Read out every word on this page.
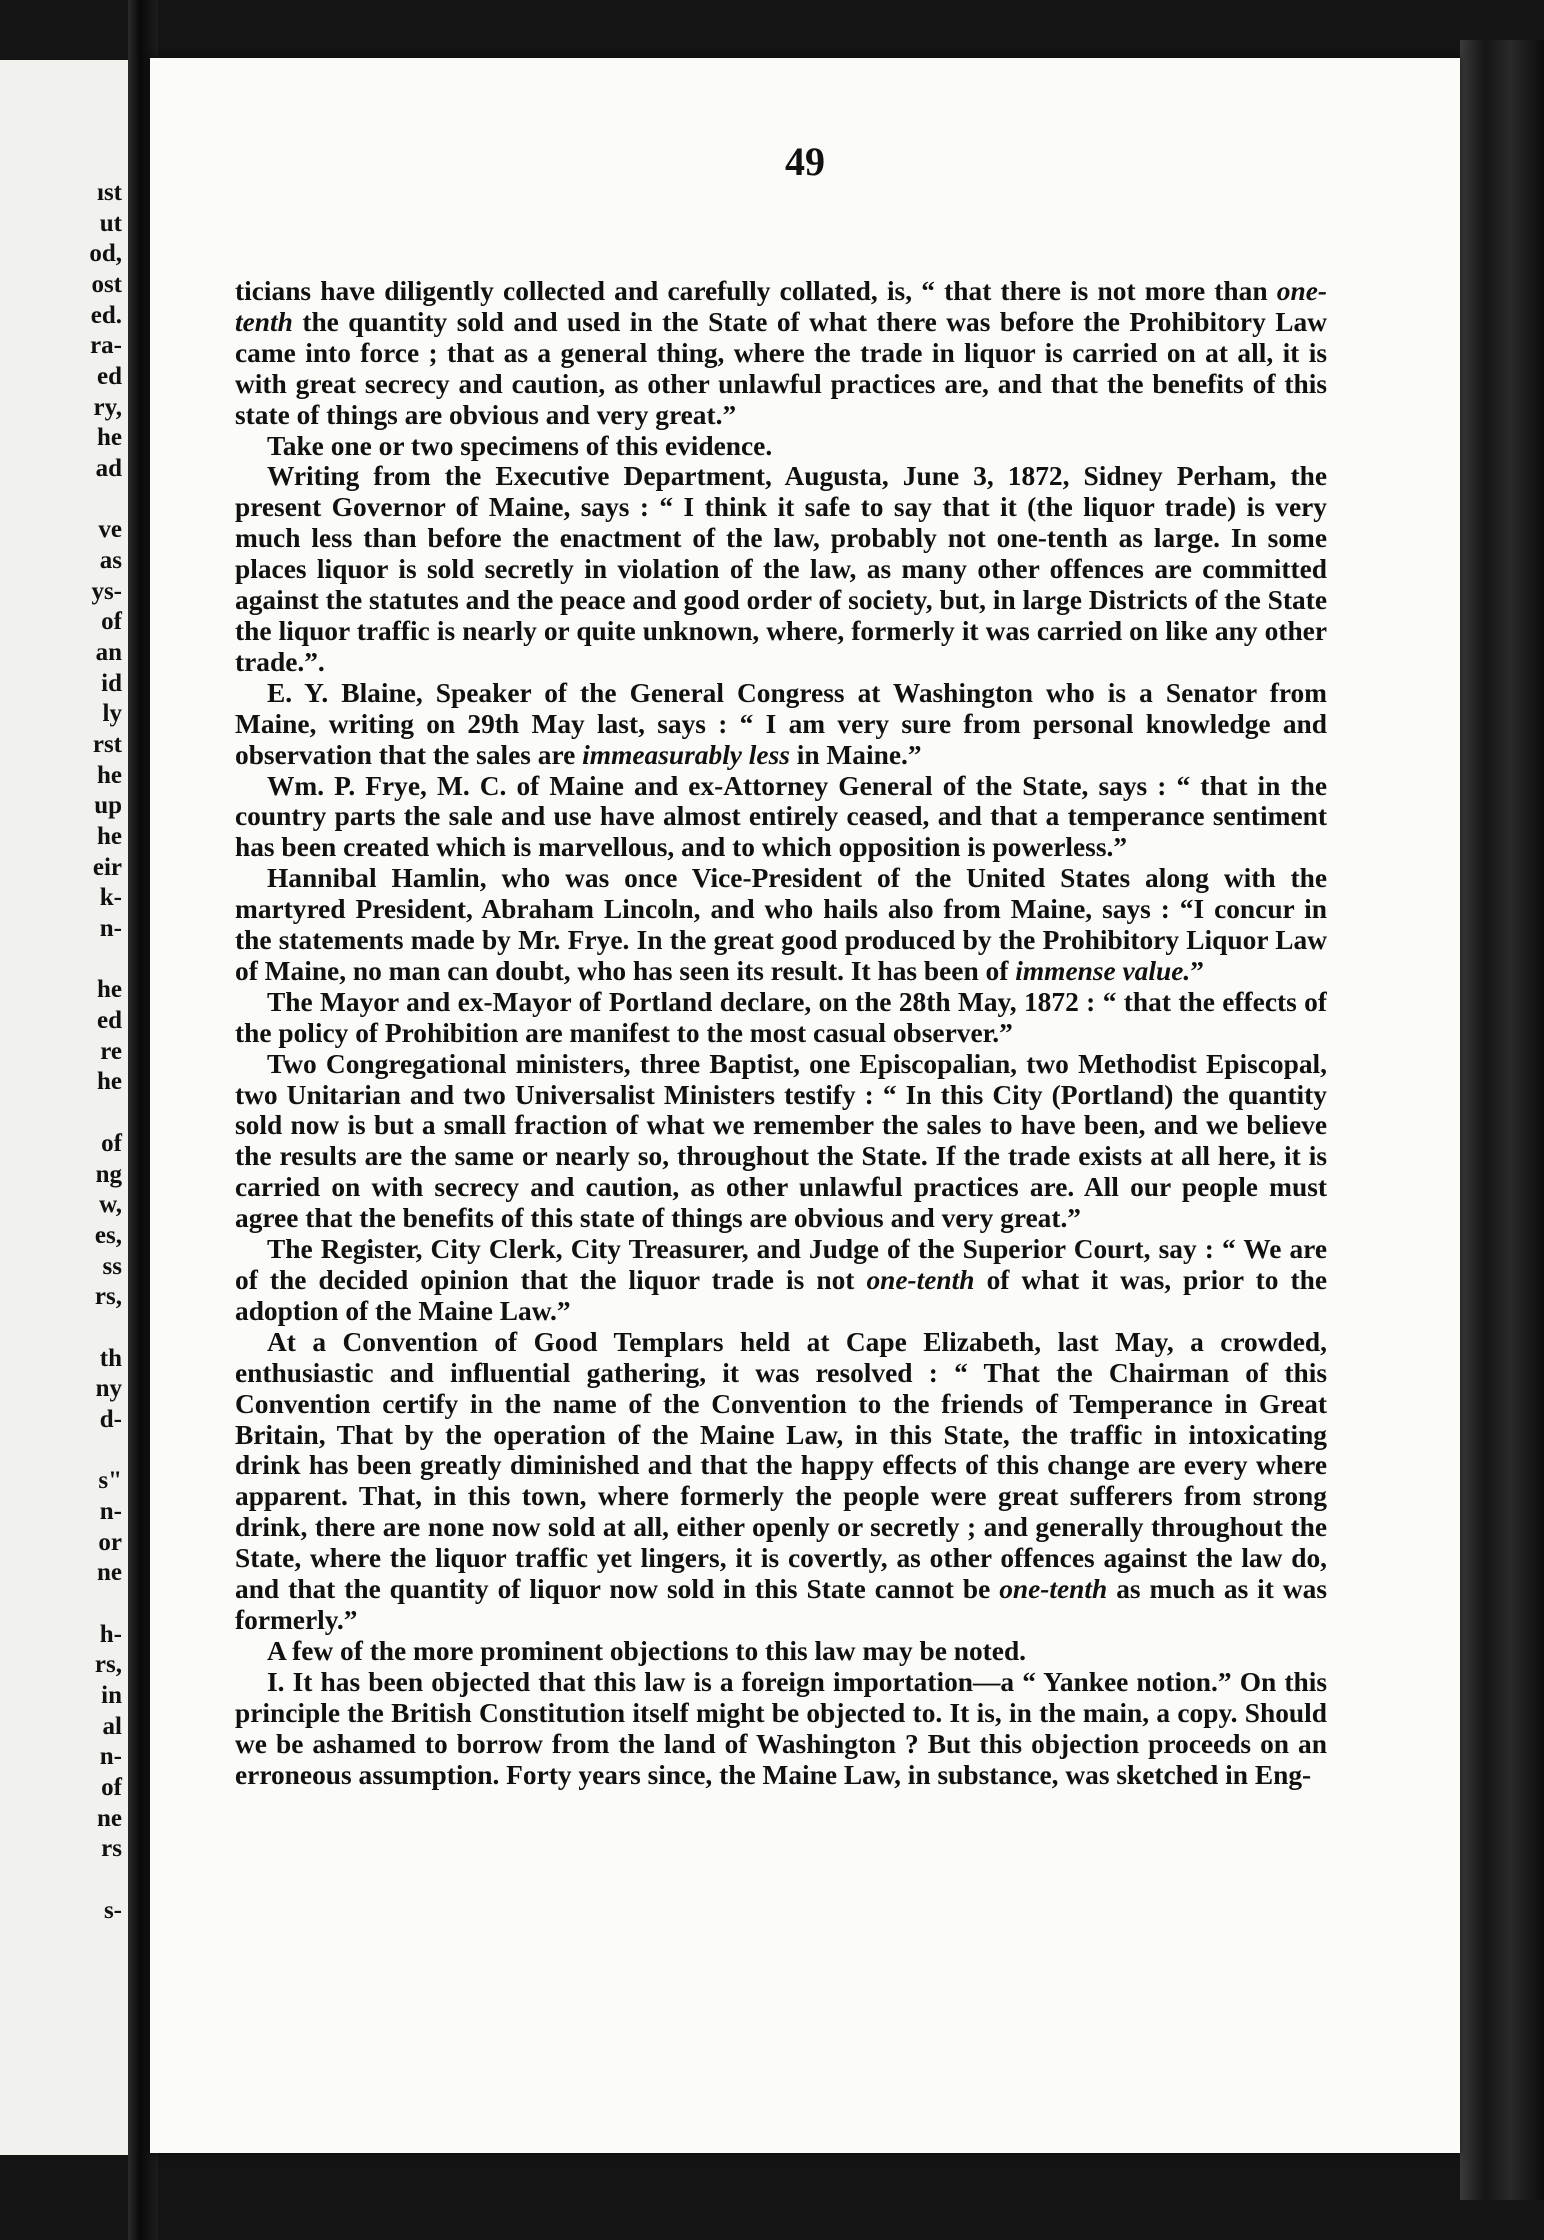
ıst
ut
od,
ost
ed.
ra-
ed
ry,
he
ad
ve
as
ys-
of
an
id
ly
rst
he
up
he
eir
k-
n-
he
ed
re
he
of
ng
w,
es,
ss
rs,
th
ny
d-
s"
n-
or
ne
h-
rs,
in
al
n-
of
ne
rs
s-
49

ticians have diligently collected and carefully collated, is, “ that there is not more than one-tenth the quantity sold and used in the State of what there was before the Prohibitory Law came into force ; that as a general thing, where the trade in liquor is carried on at all, it is with great secrecy and caution, as other unlawful practices are, and that the benefits of this state of things are obvious and very great.”

Take one or two specimens of this evidence.

Writing from the Executive Department, Augusta, June 3, 1872, Sidney Perham, the present Governor of Maine, says : “ I think it safe to say that it (the liquor trade) is very much less than before the enactment of the law, probably not one-tenth as large. In some places liquor is sold secretly in violation of the law, as many other offences are committed against the statutes and the peace and good order of society, but, in large Districts of the State the liquor traffic is nearly or quite unknown, where, formerly it was carried on like any other trade.”.

E. Y. Blaine, Speaker of the General Congress at Washington who is a Senator from Maine, writing on 29th May last, says : “ I am very sure from personal knowledge and observation that the sales are immeasurably less in Maine.”

Wm. P. Frye, M. C. of Maine and ex-Attorney General of the State, says : “ that in the country parts the sale and use have almost entirely ceased, and that a temperance sentiment has been created which is marvellous, and to which opposition is powerless.”

Hannibal Hamlin, who was once Vice-President of the United States along with the martyred President, Abraham Lincoln, and who hails also from Maine, says : “I concur in the statements made by Mr. Frye. In the great good produced by the Prohibitory Liquor Law of Maine, no man can doubt, who has seen its result. It has been of immense value.”

The Mayor and ex-Mayor of Portland declare, on the 28th May, 1872 : “ that the effects of the policy of Prohibition are manifest to the most casual observer.”

Two Congregational ministers, three Baptist, one Episcopalian, two Methodist Episcopal, two Unitarian and two Universalist Ministers testify : “ In this City (Portland) the quantity sold now is but a small fraction of what we remember the sales to have been, and we believe the results are the same or nearly so, throughout the State. If the trade exists at all here, it is carried on with secrecy and caution, as other unlawful practices are. All our people must agree that the benefits of this state of things are obvious and very great.”

The Register, City Clerk, City Treasurer, and Judge of the Superior Court, say : “ We are of the decided opinion that the liquor trade is not one-tenth of what it was, prior to the adoption of the Maine Law.”

At a Convention of Good Templars held at Cape Elizabeth, last May, a crowded, enthusiastic and influential gathering, it was resolved : “ That the Chairman of this Convention certify in the name of the Convention to the friends of Temperance in Great Britain, That by the operation of the Maine Law, in this State, the traffic in intoxicating drink has been greatly diminished and that the happy effects of this change are every where apparent. That, in this town, where formerly the people were great sufferers from strong drink, there are none now sold at all, either openly or secretly ; and generally throughout the State, where the liquor traffic yet lingers, it is covertly, as other offences against the law do, and that the quantity of liquor now sold in this State cannot be one-tenth as much as it was formerly.”

A few of the more prominent objections to this law may be noted.

I. It has been objected that this law is a foreign importation—a “ Yankee notion.” On this principle the British Constitution itself might be objected to. It is, in the main, a copy. Should we be ashamed to borrow from the land of Washington ? But this objection proceeds on an erroneous assumption. Forty years since, the Maine Law, in substance, was sketched in Eng-
